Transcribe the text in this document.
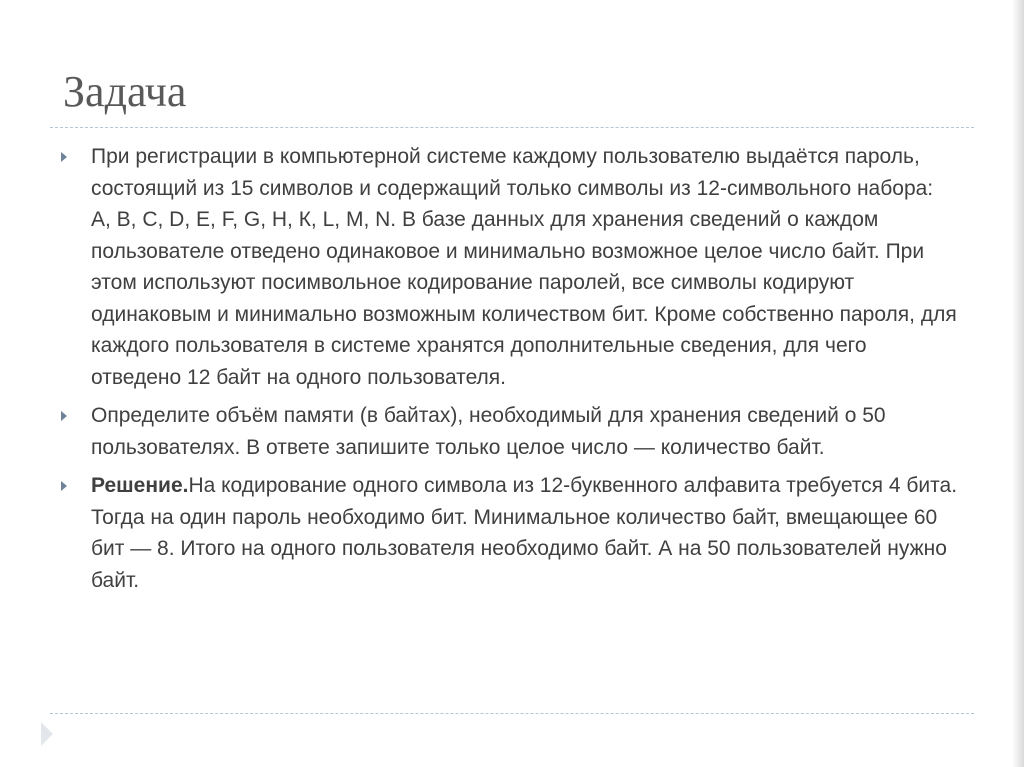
Задача
При регистрации в компьютерной системе каждому пользователю выдаётся пароль, состоящий из 15 символов и содержащий только символы из 12-символьного набора: А, В, C, D, Е, F, G, H, К, L, M, N. В базе данных для хранения сведений о каждом пользователе отведено одинаковое и минимально возможное целое число байт. При этом используют посимвольное кодирование паролей, все символы кодируют одинаковым и минимально возможным количеством бит. Кроме собственно пароля, для каждого пользователя в системе хранятся дополнительные сведения, для чего отведено 12 байт на одного пользователя.
Определите объём памяти (в байтах), необходимый для хранения сведений о 50 пользователях. В ответе запишите только целое число — количество байт.
Решение.На кодирование одного символа из 12-буквенного алфавита требуется 4 бита. Тогда на один пароль необходимо бит. Минимальное количество байт, вмещающее 60 бит — 8. Итого на одного пользователя необходимо байт. А на 50 пользователей нужно байт.
